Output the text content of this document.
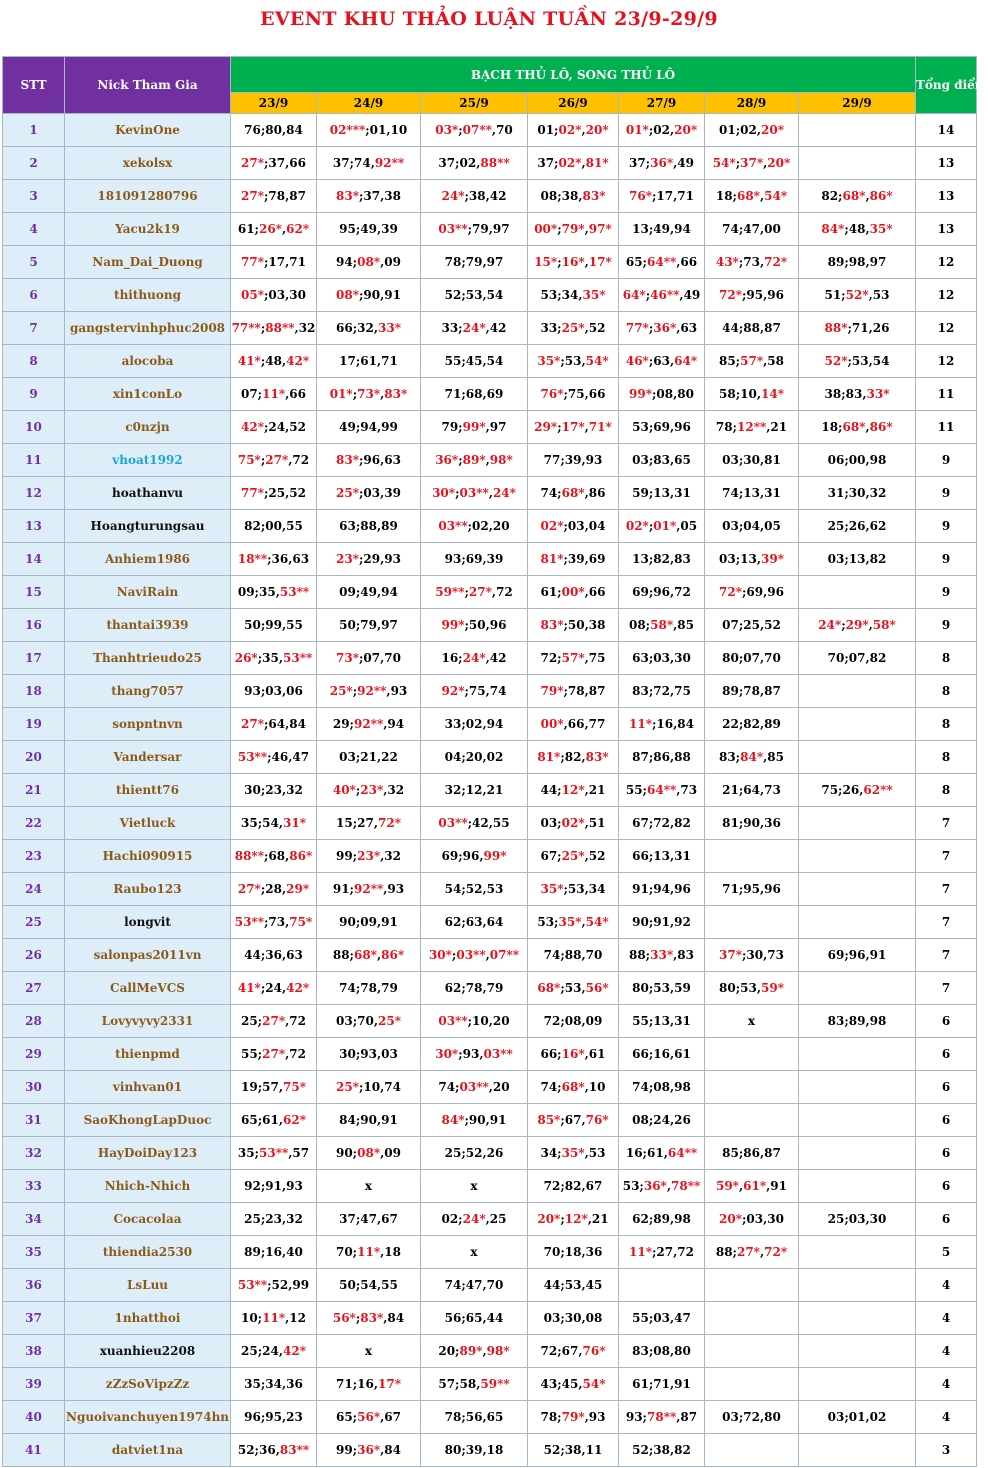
EVENT KHU THẢO LUẬN TUẦN 23/9-29/9
STT	Nick Tham Gia	BẠCH THỦ LÔ, SONG THỦ LÔ							Tổng điểm
		23/9	24/9	25/9	26/9	27/9	28/9	29/9	
1	KevinOne	76;80,84	02***;01,10	03*;07**,70	01;02*,20*	01*;02,20*	01;02,20*		14
2	xekolsx	27*;37,66	37;74,92**	37;02,88**	37;02*,81*	37;36*,49	54*;37*,20*		13
3	181091280796	27*;78,87	83*;37,38	24*;38,42	08;38,83*	76*;17,71	18;68*,54*	82;68*,86*	13
4	Yacu2k19	61;26*,62*	95;49,39	03**;79,97	00*;79*,97*	13;49,94	74;47,00	84*;48,35*	13
5	Nam_Dai_Duong	77*;17,71	94;08*,09	78;79,97	15*;16*,17*	65;64**,66	43*;73,72*	89;98,97	12
6	thithuong	05*;03,30	08*;90,91	52;53,54	53;34,35*	64*;46**,49	72*;95,96	51;52*,53	12
7	gangstervinhphuc2008	77**;88**,32	66;32,33*	33;24*,42	33;25*,52	77*;36*,63	44;88,87	88*;71,26	12
8	alocoba	41*;48,42*	17;61,71	55;45,54	35*;53,54*	46*;63,64*	85;57*,58	52*;53,54	12
9	xin1conLo	07;11*,66	01*;73*,83*	71;68,69	76*;75,66	99*;08,80	58;10,14*	38;83,33*	11
10	c0nzjn	42*;24,52	49;94,99	79;99*,97	29*;17*,71*	53;69,96	78;12**,21	18;68*,86*	11
11	vhoat1992	75*;27*,72	83*;96,63	36*;89*,98*	77;39,93	03;83,65	03;30,81	06;00,98	9
12	hoathanvu	77*;25,52	25*;03,39	30*;03**,24*	74;68*,86	59;13,31	74;13,31	31;30,32	9
13	Hoangturungsau	82;00,55	63;88,89	03**;02,20	02*;03,04	02*;01*,05	03;04,05	25;26,62	9
14	Anhiem1986	18**;36,63	23*;29,93	93;69,39	81*;39,69	13;82,83	03;13,39*	03;13,82	9
15	NaviRain	09;35,53**	09;49,94	59**;27*,72	61;00*,66	69;96,72	72*;69,96		9
16	thantai3939	50;99,55	50;79,97	99*;50,96	83*;50,38	08;58*,85	07;25,52	24*;29*,58*	9
17	Thanhtrieudo25	26*;35,53**	73*;07,70	16;24*,42	72;57*,75	63;03,30	80;07,70	70;07,82	8
18	thang7057	93;03,06	25*;92**,93	92*;75,74	79*;78,87	83;72,75	89;78,87		8
19	sonpntnvn	27*;64,84	29;92**,94	33;02,94	00*,66,77	11*;16,84	22;82,89		8
20	Vandersar	53**;46,47	03;21,22	04;20,02	81*;82,83*	87;86,88	83;84*,85		8
21	thientt76	30;23,32	40*;23*,32	32;12,21	44;12*,21	55;64**,73	21;64,73	75;26,62**	8
22	Vietluck	35;54,31*	15;27,72*	03**;42,55	03;02*,51	67;72,82	81;90,36		7
23	Hachi090915	88**;68,86*	99;23*,32	69;96,99*	67;25*,52	66;13,31			7
24	Raubo123	27*;28,29*	91;92**,93	54;52,53	35*;53,34	91;94,96	71;95,96		7
25	longvit	53**;73,75*	90;09,91	62;63,64	53;35*,54*	90;91,92			7
26	salonpas2011vn	44;36,63	88;68*,86*	30*;03**,07**	74;88,70	88;33*,83	37*;30,73	69;96,91	7
27	CallMeVCS	41*;24,42*	74;78,79	62;78,79	68*;53,56*	80;53,59	80;53,59*		7
28	Lovyvyvy2331	25;27*,72	03;70,25*	03**;10,20	72;08,09	55;13,31	x	83;89,98	6
29	thienpmd	55;27*,72	30;93,03	30*;93,03**	66;16*,61	66;16,61			6
30	vinhvan01	19;57,75*	25*;10,74	74;03**,20	74;68*,10	74;08,98			6
31	SaoKhongLapDuoc	65;61,62*	84;90,91	84*;90,91	85*;67,76*	08;24,26			6
32	HayDoiDay123	35;53**,57	90;08*,09	25;52,26	34;35*,53	16;61,64**	85;86,87		6
33	Nhich-Nhich	92;91,93	x	x	72;82,67	53;36*,78**	59*,61*,91		6
34	Cocacolaa	25;23,32	37;47,67	02;24*,25	20*;12*,21	62;89,98	20*;03,30	25;03,30	6
35	thiendia2530	89;16,40	70;11*,18	x	70;18,36	11*;27,72	88;27*,72*		5
36	LsLuu	53**;52,99	50;54,55	74;47,70	44;53,45				4
37	1nhatthoi	10;11*,12	56*;83*,84	56;65,44	03;30,08	55;03,47			4
38	xuanhieu2208	25;24,42*	x	20;89*,98*	72;67,76*	83;08,80			4
39	zZzSoVipzZz	35;34,36	71;16,17*	57;58,59**	43;45,54*	61;71,91			4
40	Nguoivanchuyen1974hn	96;95,23	65;56*,67	78;56,65	78;79*,93	93;78**,87	03;72,80	03;01,02	4
41	datviet1na	52;36,83**	99;36*,84	80;39,18	52;38,11	52;38,82			3
